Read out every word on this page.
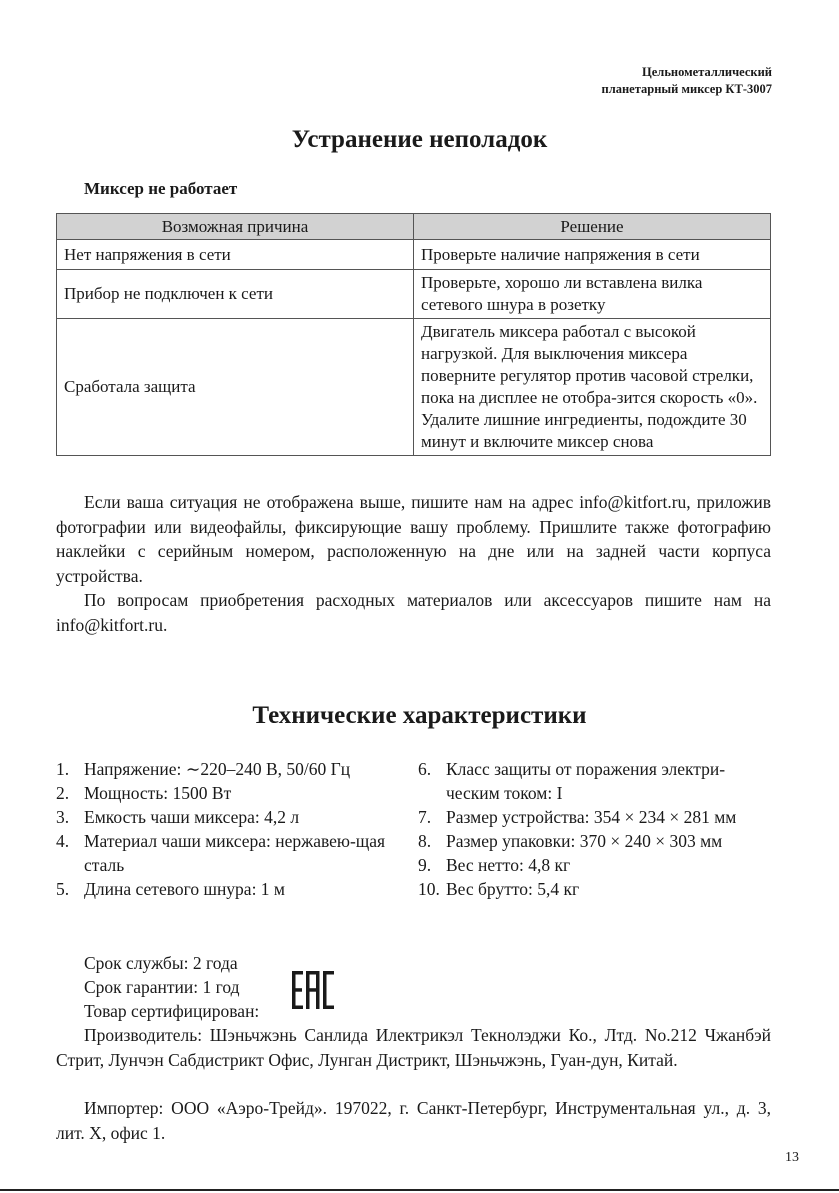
Цельнометаллический
планетарный миксер КТ-3007
Устранение неполадок
Миксер не работает
Возможная причина	Решение
Нет напряжения в сети	Проверьте наличие напряжения в сети
Прибор не подключен к сети	Проверьте, хорошо ли вставлена вилка сетевого шнура в розетку
Сработала защита	Двигатель миксера работал с высокой нагрузкой. Для выключения миксера поверните регулятор против часовой стрелки, пока на дисплее не отобра-зится скорость «0». Удалите лишние ингредиенты, подождите 30 минут и включите миксер снова
Если ваша ситуация не отображена выше, пишите нам на адрес info@kitfort.ru, приложив фотографии или видеофайлы, фиксирующие вашу проблему. Пришлите также фотографию наклейки с серийным номером, расположенную на дне или на задней части корпуса устройства.
По вопросам приобретения расходных материалов или аксессуаров пишите нам на info@kitfort.ru.
Технические характеристики
1. Напряжение: ∼220–240 В, 50/60 Гц
2. Мощность: 1500 Вт
3. Емкость чаши миксера: 4,2 л
4. Материал чаши миксера: нержавею-щая сталь
5. Длина сетевого шнура: 1 м
6. Класс защиты от поражения электри-ческим током: I
7. Размер устройства: 354 × 234 × 281 мм
8. Размер упаковки: 370 × 240 × 303 мм
9. Вес нетто: 4,8 кг
10. Вес брутто: 5,4 кг
Срок службы: 2 года
Срок гарантии: 1 год
Товар сертифицирован:
Производитель: Шэньчжэнь Санлида Илектрикэл Текнолэджи Ко., Лтд. No.212 Чжанбэй Стрит, Лунчэн Сабдистрикт Офис, Лунган Дистрикт, Шэньчжэнь, Гуан-дун, Китай.
Импортер: ООО «Аэро-Трейд». 197022, г. Санкт-Петербург, Инструментальная ул., д. 3, лит. Х, офис 1.
13
